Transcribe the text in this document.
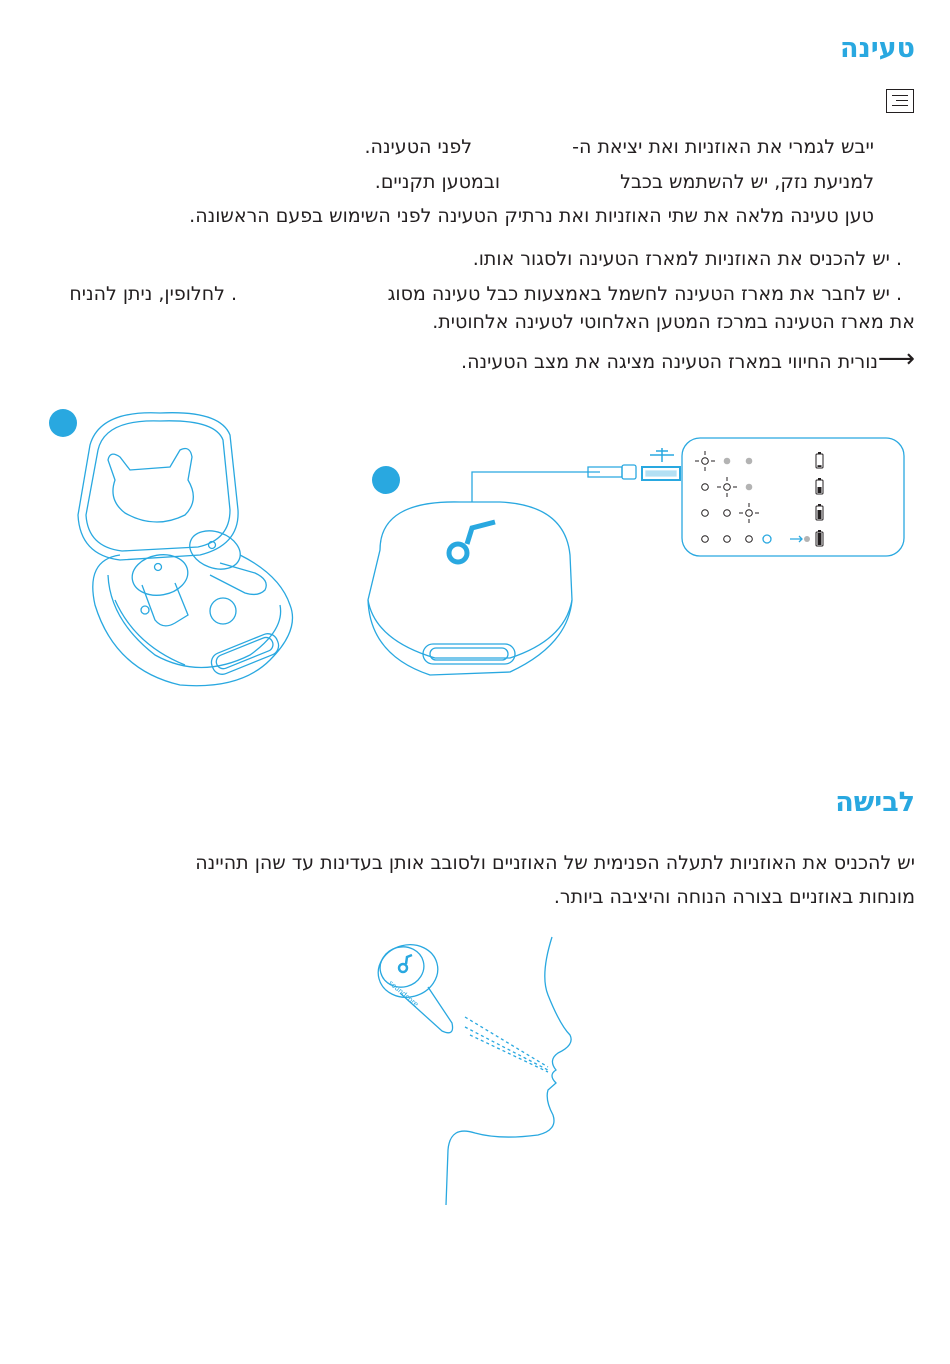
טעינה
ייבש לגמרי את האוזניות ואת יציאת ה-
לפני הטעינה.
למניעת נזק, יש להשתמש בכבל
ובמטען תקניים.
טען טעינה מלאה את שתי האוזניות ואת נרתיק הטעינה לפני השימוש בפעם הראשונה.
. יש להכניס את האוזניות למארז הטעינה ולסגור אותו.
. יש לחבר את מארז הטעינה לחשמל באמצעות כבל טעינה מסוג
. לחלופין, ניתן להניח
את מארז הטעינה במרכז המטען האלחוטי לטעינה אלחוטית.
⟶
נורית החיווי במארז הטעינה מציגה את מצב הטעינה.
לבישה
יש להכניס את האוזניות לתעלה הפנימית של האוזניים ולסובב אותן בעדינות עד שהן תהיינה
מונחות באוזניים בצורה הנוחה והיציבה ביותר.
soundcore
